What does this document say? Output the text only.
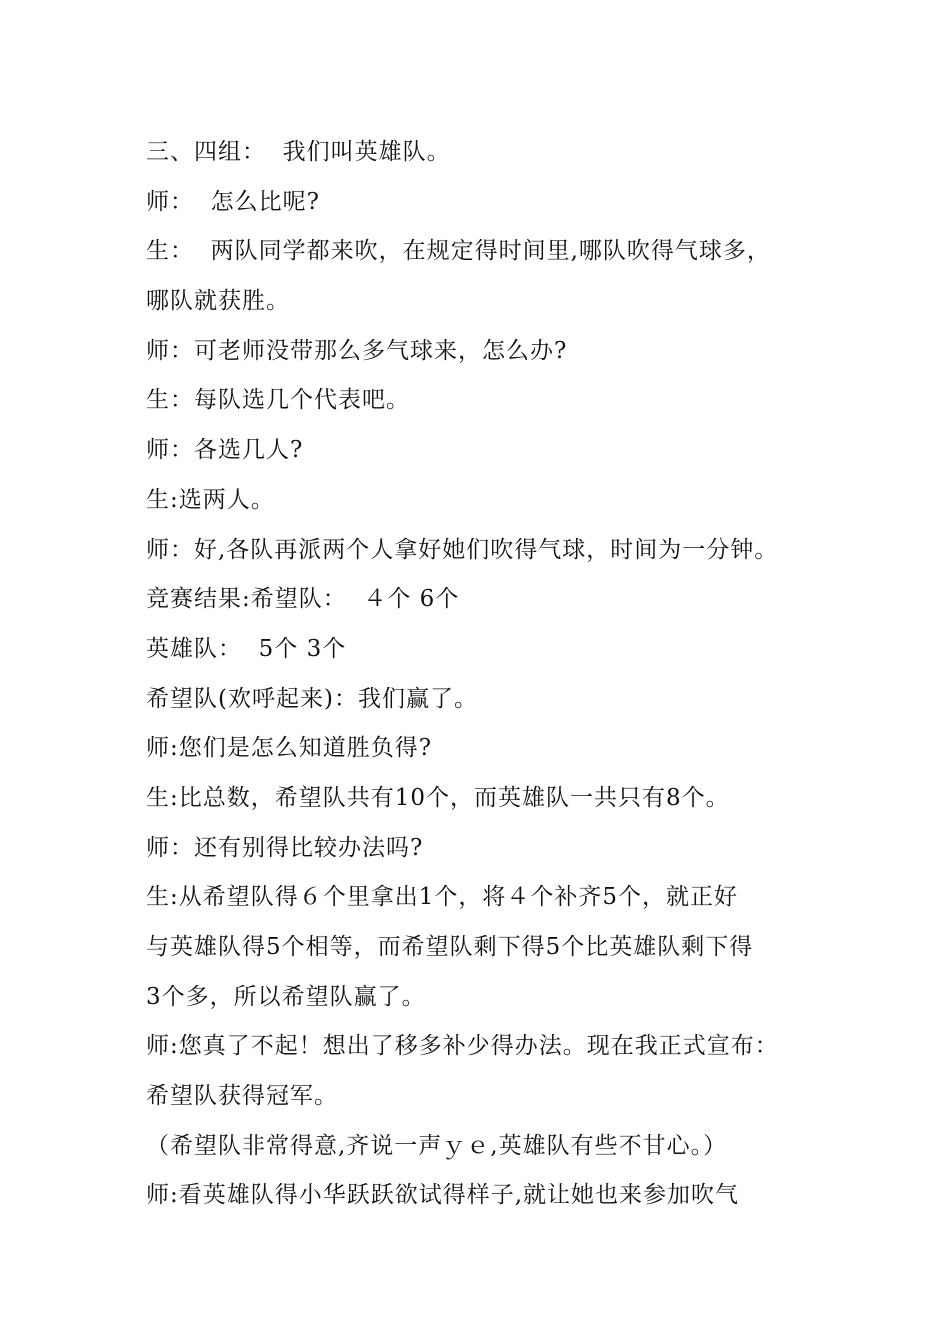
三、四组：  我们叫英雄队。
师：  怎么比呢?
生：  两队同学都来吹，在规定得时间里,哪队吹得气球多，
哪队就获胜。
师：可老师没带那么多气球来，怎么办?
生：每队选几个代表吧。
师：各选几人?
生:选两人。
师：好,各队再派两个人拿好她们吹得气球，时间为一分钟。
竞赛结果:希望队：  ４个 6个
英雄队：  5个 3个
希望队(欢呼起来)：我们赢了。
师:您们是怎么知道胜负得?
生:比总数，希望队共有10个，而英雄队一共只有8个。
师：还有别得比较办法吗?
生:从希望队得６个里拿出1个，将４个补齐5个，就正好
与英雄队得5个相等，而希望队剩下得5个比英雄队剩下得
3个多，所以希望队赢了。
师:您真了不起！想出了移多补少得办法。现在我正式宣布：
希望队获得冠军。
（希望队非常得意,齐说一声ｙｅ,英雄队有些不甘心。）
师:看英雄队得小华跃跃欲试得样子,就让她也来参加吹气
